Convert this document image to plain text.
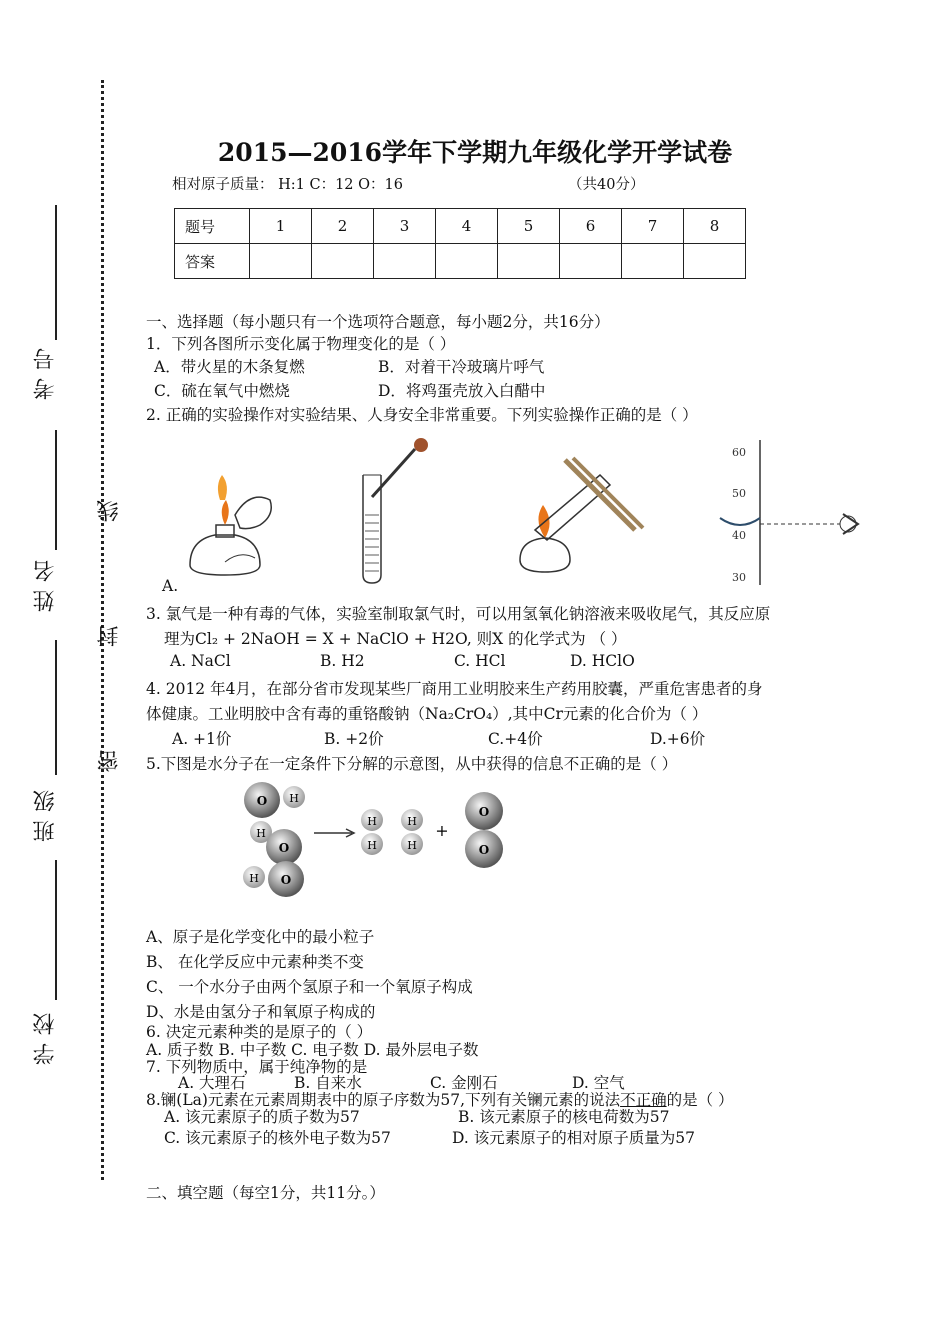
考号
姓名
班级
学校
线
封
密
2015—2016学年下学期九年级化学开学试卷
相对原子质量： H:1 C：12 O：16	（共40分）
题号	1	2	3	4	5	6	7	8
答案								
一、选择题（每小题只有一个选项符合题意，每小题2分，共16分）
1．下列各图所示变化属于物理变化的是（ ）
A．带火星的木条复燃	B．对着干冷玻璃片呼气
C．硫在氧气中燃烧	D．将鸡蛋壳放入白醋中
2. 正确的实验操作对实验结果、人身安全非常重要。下列实验操作正确的是（ ）
60
50
40
30
A.
3. 氯气是一种有毒的气体，实验室制取氯气时，可以用氢氧化钠溶液来吸收尾气，其反应原
理为Cl₂ + 2NaOH = X + NaClO + H2O, 则X 的化学式为 （ ）
A. NaCl	B. H2	C. HCl	D. HClO
4. 2012 年4月，在部分省市发现某些厂商用工业明胶来生产药用胶囊，严重危害患者的身
体健康。工业明胶中含有毒的重铬酸钠（Na₂CrO₄）,其中Cr元素的化合价为（ ）
A. +1价	B. +2价	C.+4价	D.+6价
5.下图是水分子在一定条件下分解的示意图，从中获得的信息不正确的是（ ）
O H
H
O
H O
H
H
H
H
+
O
O
A、原子是化学变化中的最小粒子
B、 在化学反应中元素种类不变
C、 一个水分子由两个氢原子和一个氧原子构成
D、水是由氢分子和氧原子构成的
6. 决定元素种类的是原子的（ ）
A. 质子数 B. 中子数 C. 电子数 D. 最外层电子数
7. 下列物质中，属于纯净物的是
A. 大理石	B. 自来水	C. 金刚石	D. 空气
8.镧(La)元素在元素周期表中的原子序数为57,下列有关镧元素的说法不正确的是（ ）
A. 该元素原子的质子数为57	B. 该元素原子的核电荷数为57
C. 该元素原子的核外电子数为57	D. 该元素原子的相对原子质量为57
二、填空题（每空1分，共11分。）
